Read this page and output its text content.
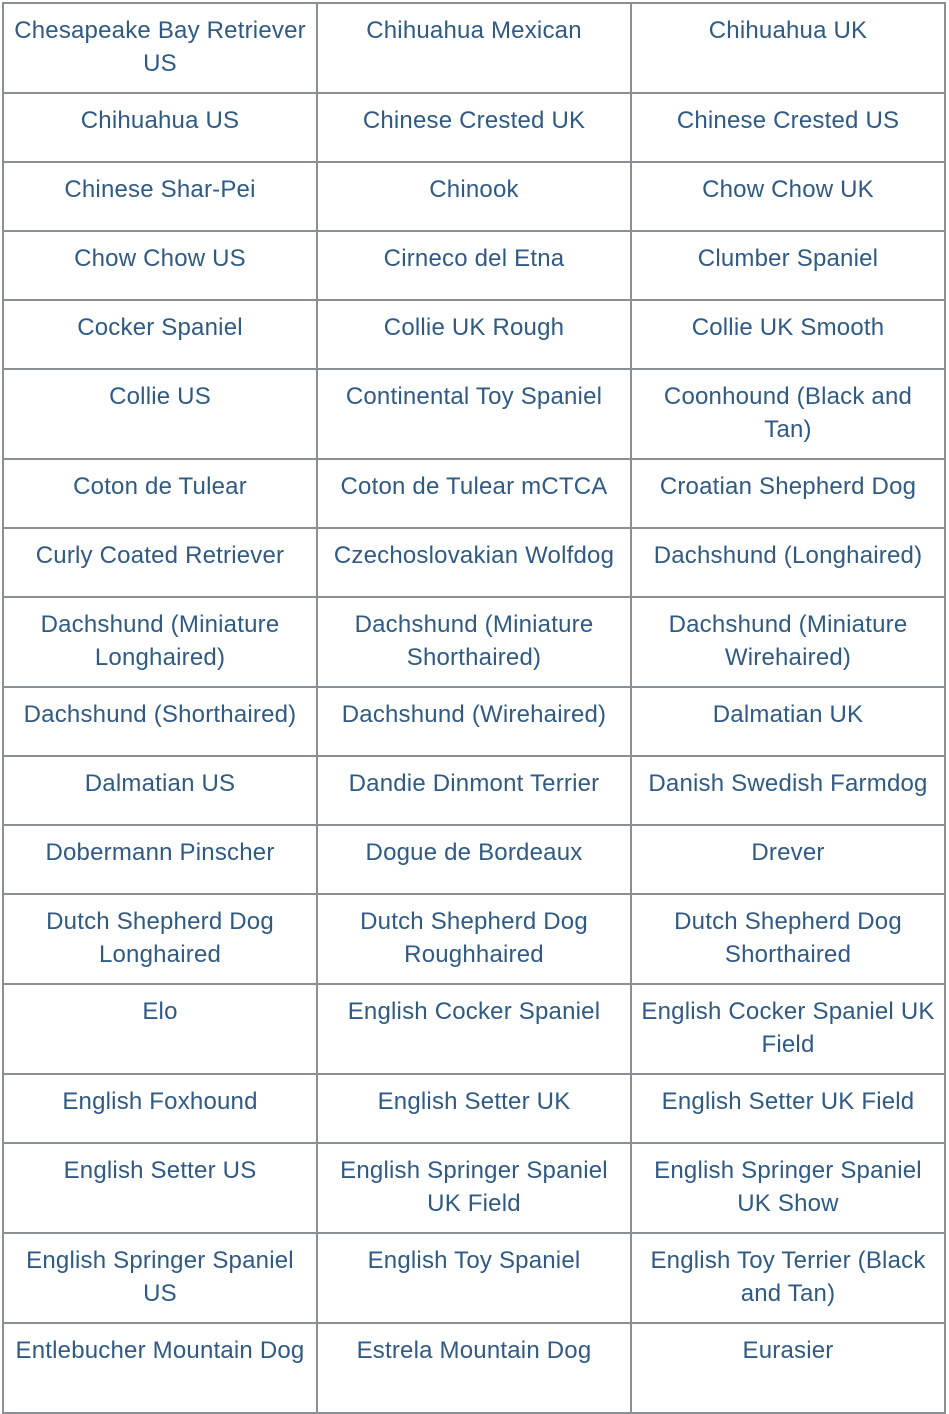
Chesapeake Bay Retriever US	Chihuahua Mexican	Chihuahua UK
Chihuahua US	Chinese Crested UK	Chinese Crested US
Chinese Shar-Pei	Chinook	Chow Chow UK
Chow Chow US	Cirneco del Etna	Clumber Spaniel
Cocker Spaniel	Collie UK Rough	Collie UK Smooth
Collie US	Continental Toy Spaniel	Coonhound (Black and Tan)
Coton de Tulear	Coton de Tulear mCTCA	Croatian Shepherd Dog
Curly Coated Retriever	Czechoslovakian Wolfdog	Dachshund (Longhaired)
Dachshund (Miniature Longhaired)	Dachshund (Miniature Shorthaired)	Dachshund (Miniature Wirehaired)
Dachshund (Shorthaired)	Dachshund (Wirehaired)	Dalmatian UK
Dalmatian US	Dandie Dinmont Terrier	Danish Swedish Farmdog
Dobermann Pinscher	Dogue de Bordeaux	Drever
Dutch Shepherd Dog Longhaired	Dutch Shepherd Dog Roughhaired	Dutch Shepherd Dog Shorthaired
Elo	English Cocker Spaniel	English Cocker Spaniel UK Field
English Foxhound	English Setter UK	English Setter UK Field
English Setter US	English Springer Spaniel UK Field	English Springer Spaniel UK Show
English Springer Spaniel US	English Toy Spaniel	English Toy Terrier (Black and Tan)
Entlebucher Mountain Dog	Estrela Mountain Dog	Eurasier
